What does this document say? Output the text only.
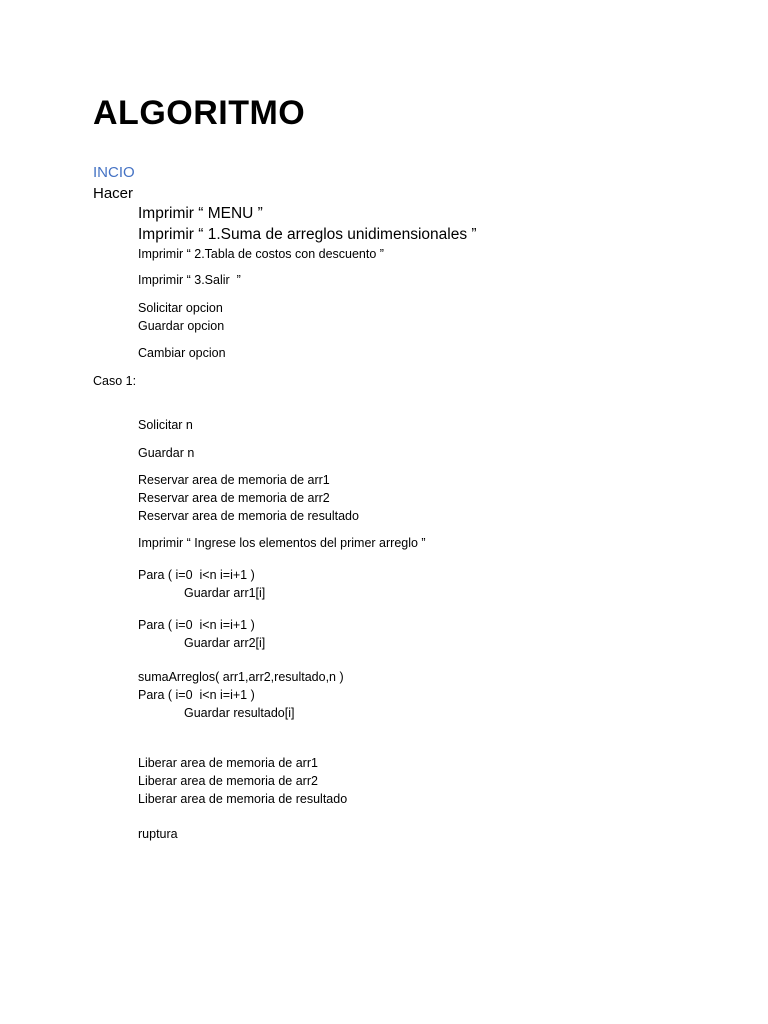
ALGORITMO
INCIO
Hacer
Imprimir “ MENU ”
Imprimir “ 1.Suma de arreglos unidimensionales ”
Imprimir “ 2.Tabla de costos con descuento ”
Imprimir “ 3.Salir  ”
Solicitar opcion
Guardar opcion
Cambiar opcion
Caso 1:
Solicitar n
Guardar n
Reservar area de memoria de arr1
Reservar area de memoria de arr2
Reservar area de memoria de resultado
Imprimir “ Ingrese los elementos del primer arreglo ”
Para ( i=0  i<n i=i+1 )
Guardar arr1[i]
Para ( i=0  i<n i=i+1 )
Guardar arr2[i]
sumaArreglos( arr1,arr2,resultado,n )
Para ( i=0  i<n i=i+1 )
Guardar resultado[i]
Liberar area de memoria de arr1
Liberar area de memoria de arr2
Liberar area de memoria de resultado
ruptura
